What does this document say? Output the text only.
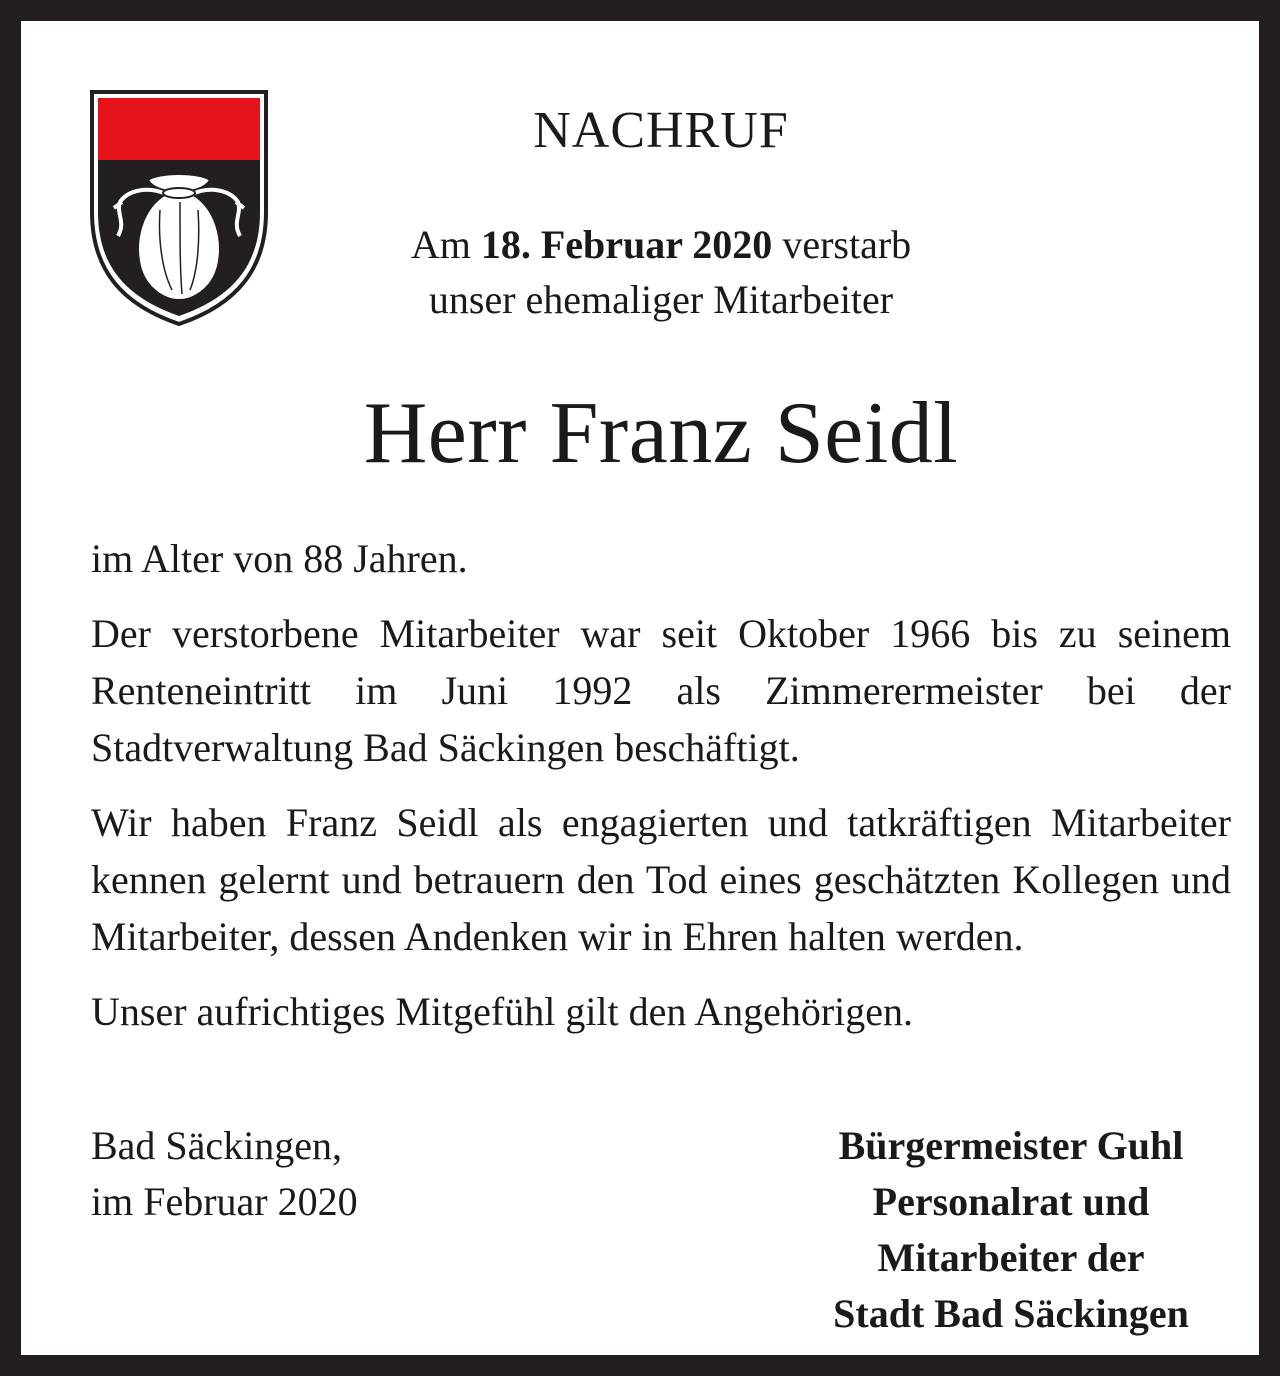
NACHRUF
Am 18. Februar 2020 verstarb
unser ehemaliger Mitarbeiter
Herr Franz Seidl

im Alter von 88 Jahren.

Der verstorbene Mitarbeiter war seit Oktober 1966 bis zu seinem Renteneintritt im Juni 1992 als Zimmerermeister bei der Stadtverwaltung Bad Säckingen beschäftigt.

Wir haben Franz Seidl als engagierten und tatkräftigen Mitarbeiter kennen gelernt und betrauern den Tod eines geschätzten Kollegen und Mitarbeiter, dessen Andenken wir in Ehren halten werden.

Unser aufrichtiges Mitgefühl gilt den Angehörigen.

Bad Säckingen,
im Februar 2020
Bürgermeister Guhl
Personalrat und
Mitarbeiter der
Stadt Bad Säckingen
